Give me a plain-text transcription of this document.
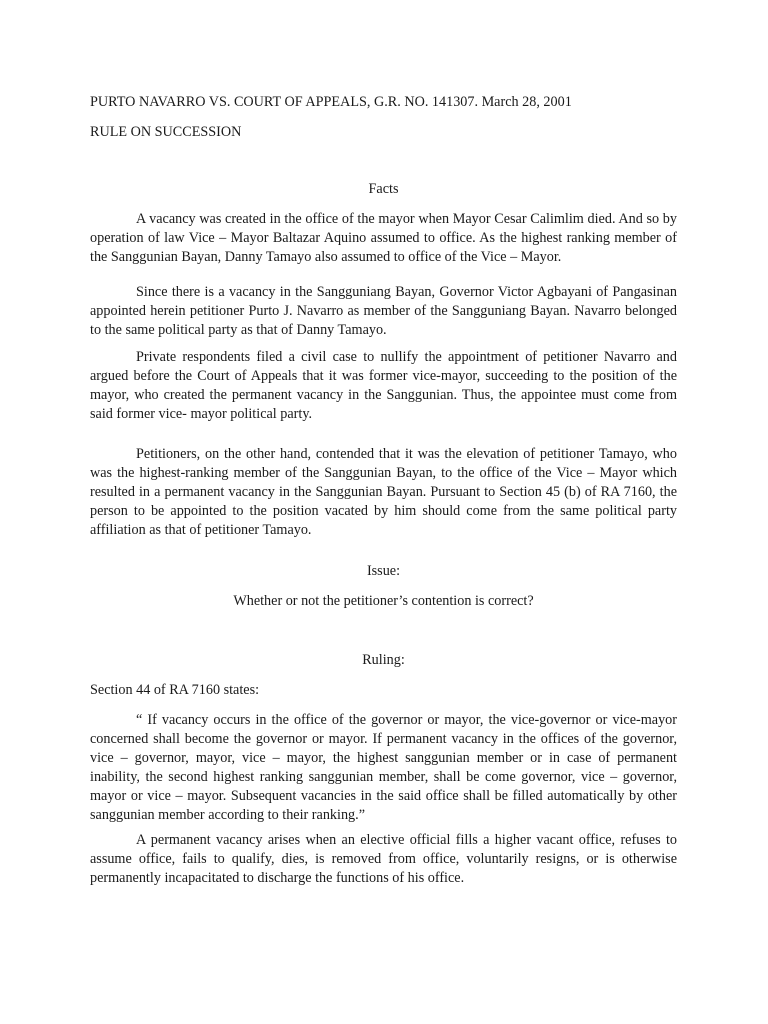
PURTO NAVARRO VS. COURT OF APPEALS, G.R. NO. 141307. March 28, 2001

RULE ON SUCCESSION

Facts

A vacancy was created in the office of the mayor when Mayor Cesar Calimlim died. And so by operation of law Vice – Mayor Baltazar Aquino assumed to office. As the highest ranking member of the Sanggunian Bayan, Danny Tamayo also assumed to office of the Vice – Mayor.

Since there is a vacancy in the Sangguniang Bayan, Governor Victor Agbayani of Pangasinan appointed herein petitioner Purto J. Navarro as member of the Sangguniang Bayan. Navarro belonged to the same political party as that of Danny Tamayo.

Private respondents filed a civil case to nullify the appointment of petitioner Navarro and argued before the Court of Appeals that it was former vice-mayor, succeeding to the position of the mayor, who created the permanent vacancy in the Sanggunian. Thus, the appointee must come from said former vice- mayor political party.

Petitioners, on the other hand, contended that it was the elevation of petitioner Tamayo, who was the highest-ranking member of the Sanggunian Bayan, to the office of the Vice – Mayor which resulted in a permanent vacancy in the Sanggunian Bayan. Pursuant to Section 45 (b) of RA 7160, the person to be appointed to the position vacated by him should come from the same political party affiliation as that of petitioner Tamayo.

Issue:

Whether or not the petitioner’s contention is correct?

Ruling:

Section 44 of RA 7160 states:

“ If vacancy occurs in the office of the governor or mayor, the vice-governor or vice-mayor concerned shall become the governor or mayor. If permanent vacancy in the offices of the governor, vice – governor, mayor, vice – mayor, the highest sanggunian member or in case of permanent inability, the second highest ranking sanggunian member, shall be come governor, vice – governor, mayor or vice – mayor. Subsequent vacancies in the said office shall be filled automatically by other sanggunian member according to their ranking.”

A permanent vacancy arises when an elective official fills a higher vacant office, refuses to assume office, fails to qualify, dies, is removed from office, voluntarily resigns, or is otherwise permanently incapacitated to discharge the functions of his office.
